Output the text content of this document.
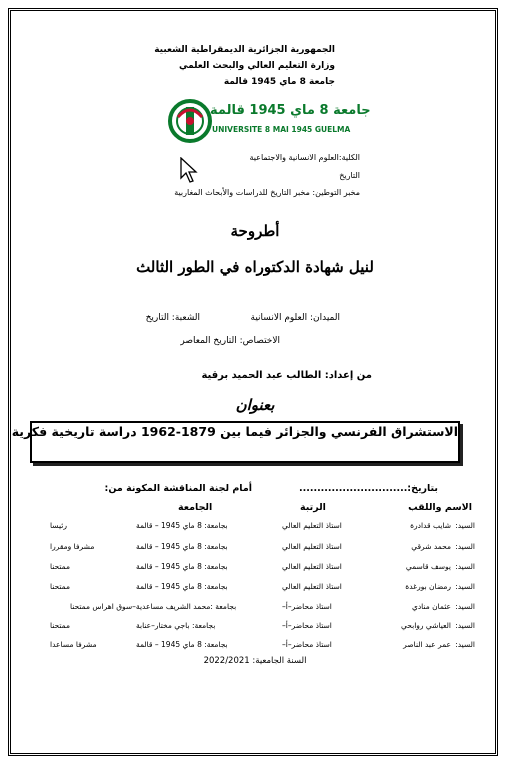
الجمهورية الجزائرية الديمقراطية الشعبية
وزارة التعليم العالي والبحث العلمي
جامعة 8 ماي 1945 قالمة
جامعة 8 ماي 1945 قالمة
UNIVERSITE 8 MAI 1945 GUELMA
الكلية:العلوم الانسانية والاجتماعية
التاريخ
مخبر التوطين: مخبر التاريخ للدراسات والأبحاث المغاربية
أطروحة
لنيل شهادة الدكتوراه في الطور الثالث
الميدان: العلوم الانسانية
الشعبة: التاريخ
الاختصاص: التاريخ المعاصر
من إعداد: الطالب عبد الحميد برقية
بعنوان
الاستشراق الفرنسي والجزائر فيما بين 1879-1962 دراسة تاريخية فكرية
بتاريخ:..............................
أمام لجنة المناقشة المكونة من:
الاسم واللقب
الرتبة
الجامعة
السيد:
شايب قدادرة
استاذ التعليم العالي
بجامعة: 8 ماي 1945 – قالمة
رئيسا
السيد:
محمد شرقي
استاذ التعليم العالي
بجامعة: 8 ماي 1945 – قالمة
مشرفا ومقررا
السيد:
يوسف قاسمي
استاذ التعليم العالي
بجامعة: 8 ماي 1945 – قالمة
ممتحنا
السيد:
رمضان بورغدة
استاذ التعليم العالي
بجامعة: 8 ماي 1945 – قالمة
ممتحنا
السيد:
عثمان منادي
استاذ محاضر–أ–
بجامعة :محمد الشريف مساعدية–سوق اهراس ممتحنا
السيد:
العياشي روابحي
استاذ محاضر–أ–
بجامعة: باجي مختار–عنابة
ممتحنا
السيد:
عمر عبد الناصر
استاذ محاضر–أ–
بجامعة: 8 ماي 1945 – قالمة
مشرفا مساعدا
السنة الجامعية: 2022/2021
